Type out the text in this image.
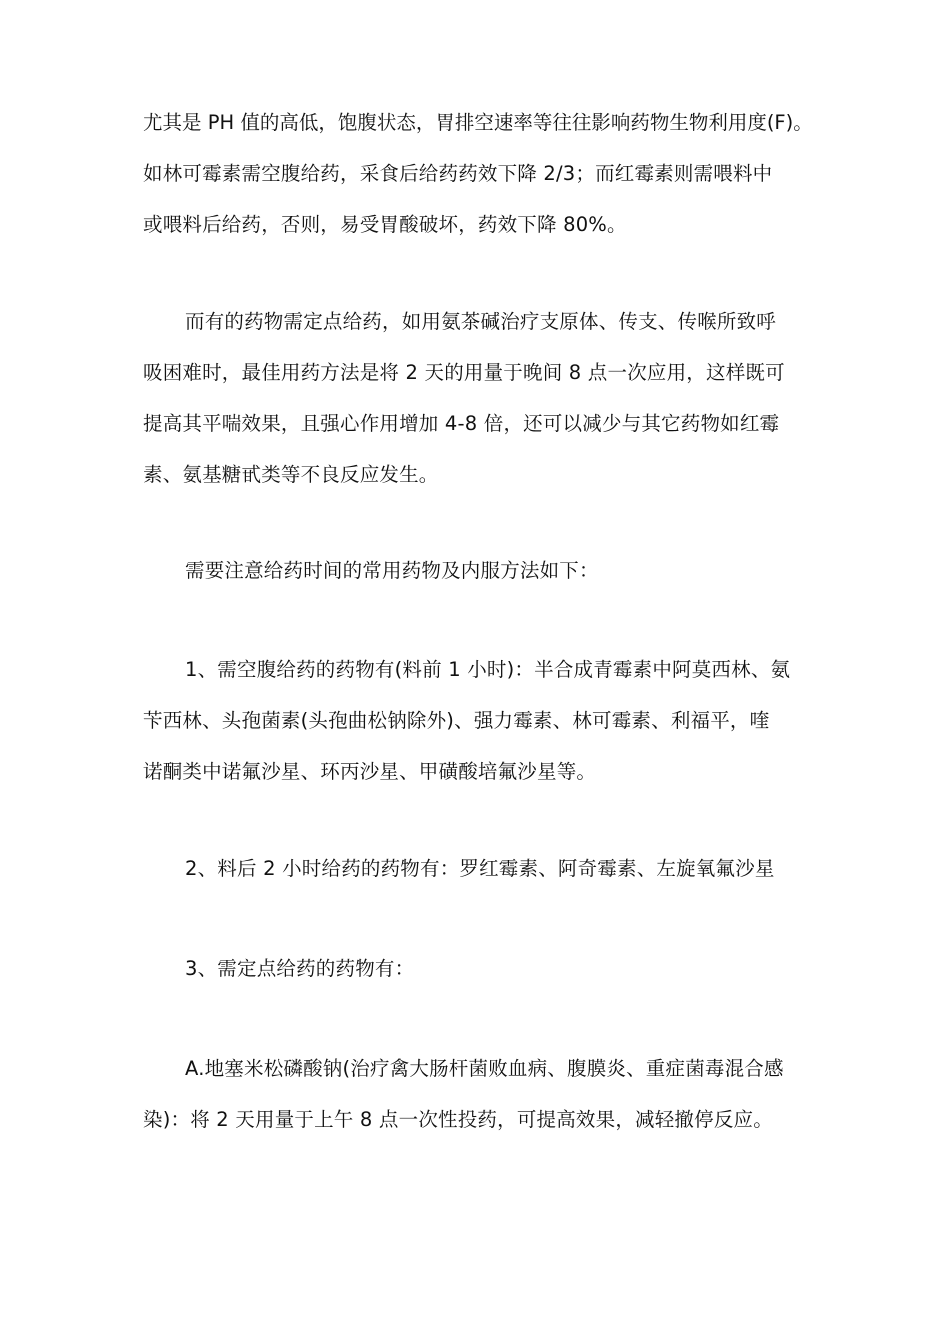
尤其是 PH 值的高低，饱腹状态，胃排空速率等往往影响药物生物利用度(F)。
如林可霉素需空腹给药，采食后给药药效下降 2/3；而红霉素则需喂料中
或喂料后给药，否则，易受胃酸破坏，药效下降 80%。
而有的药物需定点给药，如用氨茶碱治疗支原体、传支、传喉所致呼
吸困难时，最佳用药方法是将 2 天的用量于晚间 8 点一次应用，这样既可
提高其平喘效果，且强心作用增加 4-8 倍，还可以减少与其它药物如红霉
素、氨基糖甙类等不良反应发生。
需要注意给药时间的常用药物及内服方法如下：
1、需空腹给药的药物有(料前 1 小时)：半合成青霉素中阿莫西林、氨
苄西林、头孢菌素(头孢曲松钠除外)、强力霉素、林可霉素、利福平，喹
诺酮类中诺氟沙星、环丙沙星、甲磺酸培氟沙星等。
2、料后 2 小时给药的药物有：罗红霉素、阿奇霉素、左旋氧氟沙星
3、需定点给药的药物有：
A.地塞米松磷酸钠(治疗禽大肠杆菌败血病、腹膜炎、重症菌毒混合感
染)：将 2 天用量于上午 8 点一次性投药，可提高效果，减轻撤停反应。
